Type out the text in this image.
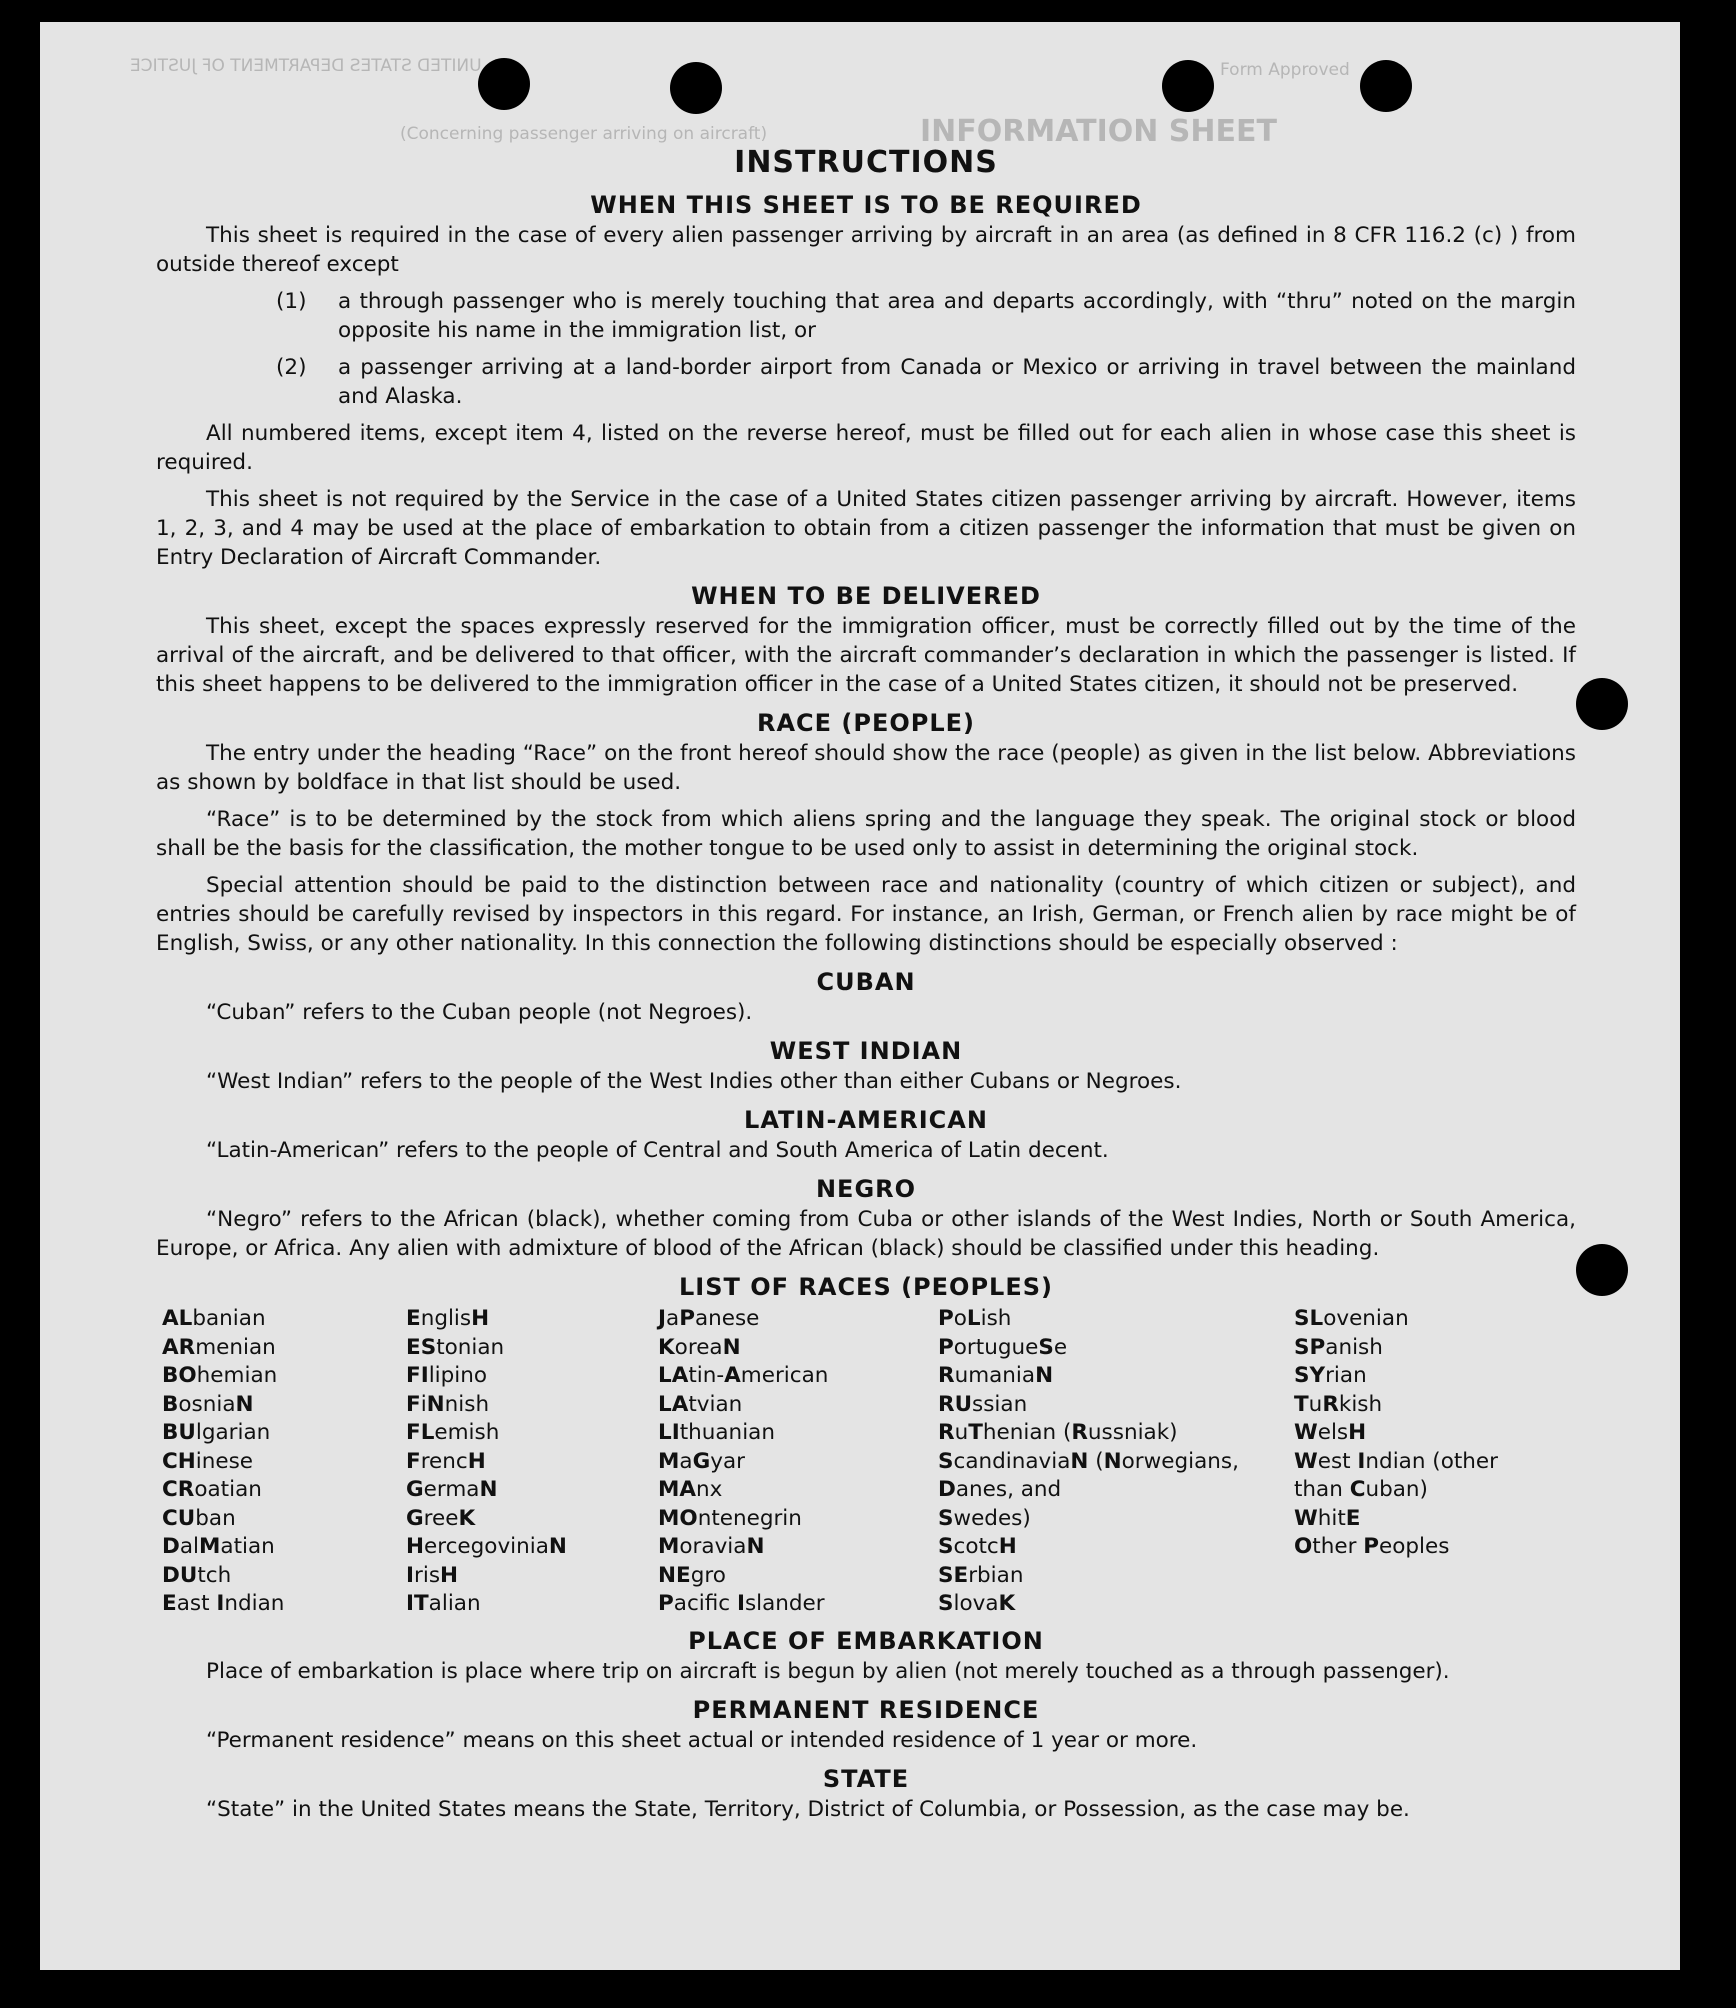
UNITED STATES DEPARTMENT OF JUSTICE	Form Approved
INFORMATION SHEET
(Concerning passenger arriving on aircraft)
INSTRUCTIONS
WHEN THIS SHEET IS TO BE REQUIRED

This sheet is required in the case of every alien passenger arriving by aircraft in an area (as defined in 8 CFR 116.2 (c) ) from outside thereof except

(1)	a through passenger who is merely touching that area and departs accordingly, with “thru” noted on the margin opposite his name in the immigration list, or
(2)	a passenger arriving at a land-border airport from Canada or Mexico or arriving in travel between the mainland and Alaska.

All numbered items, except item 4, listed on the reverse hereof, must be filled out for each alien in whose case this sheet is required.

This sheet is not required by the Service in the case of a United States citizen passenger arriving by aircraft. However, items 1, 2, 3, and 4 may be used at the place of embarkation to obtain from a citizen passenger the information that must be given on Entry Declaration of Aircraft Commander.

WHEN TO BE DELIVERED

This sheet, except the spaces expressly reserved for the immigration officer, must be correctly filled out by the time of the arrival of the aircraft, and be delivered to that officer, with the aircraft commander’s declaration in which the passenger is listed. If this sheet happens to be delivered to the immigration officer in the case of a United States citizen, it should not be preserved.

RACE (PEOPLE)

The entry under the heading “Race” on the front hereof should show the race (people) as given in the list below. Abbreviations as shown by boldface in that list should be used.

“Race” is to be determined by the stock from which aliens spring and the language they speak. The original stock or blood shall be the basis for the classification, the mother tongue to be used only to assist in determining the original stock.

Special attention should be paid to the distinction between race and nationality (country of which citizen or subject), and entries should be carefully revised by inspectors in this regard. For instance, an Irish, German, or French alien by race might be of English, Swiss, or any other nationality. In this connection the following distinctions should be especially observed :

CUBAN

“Cuban” refers to the Cuban people (not Negroes).

WEST INDIAN

“West Indian” refers to the people of the West Indies other than either Cubans or Negroes.

LATIN-AMERICAN

“Latin-American” refers to the people of Central and South America of Latin decent.

NEGRO

“Negro” refers to the African (black), whether coming from Cuba or other islands of the West Indies, North or South America, Europe, or Africa. Any alien with admixture of blood of the African (black) should be classified under this heading.

LIST OF RACES (PEOPLES)
ALbanian
ARmenian
BOhemian
BosniaN
BUlgarian
CHinese
CRoatian
CUban
DalMatian
DUtch
East Indian
EnglisH
EStonian
FIlipino
FiNnish
FLemish
FrencH
GermaN
GreeK
HercegoviniaN
IrisH
ITalian
JaPanese
KoreaN
LAtin-American
LAtvian
LIthuanian
MaGyar
MAnx
MOntenegrin
MoraviaN
NEgro
Pacific Islander
PoLish
PortugueSe
RumaniaN
RUssian
RuThenian (Russniak)
ScandinaviaN (Norwegians,
Danes, and
Swedes)
ScotcH
SErbian
SlovaK
SLovenian
SPanish
SYrian
TuRkish
WelsH
West Indian (other
than Cuban)
WhitE
Other Peoples
PLACE OF EMBARKATION

Place of embarkation is place where trip on aircraft is begun by alien (not merely touched as a through passenger).

PERMANENT RESIDENCE

“Permanent residence” means on this sheet actual or intended residence of 1 year or more.

STATE

“State” in the United States means the State, Territory, District of Columbia, or Possession, as the case may be.
